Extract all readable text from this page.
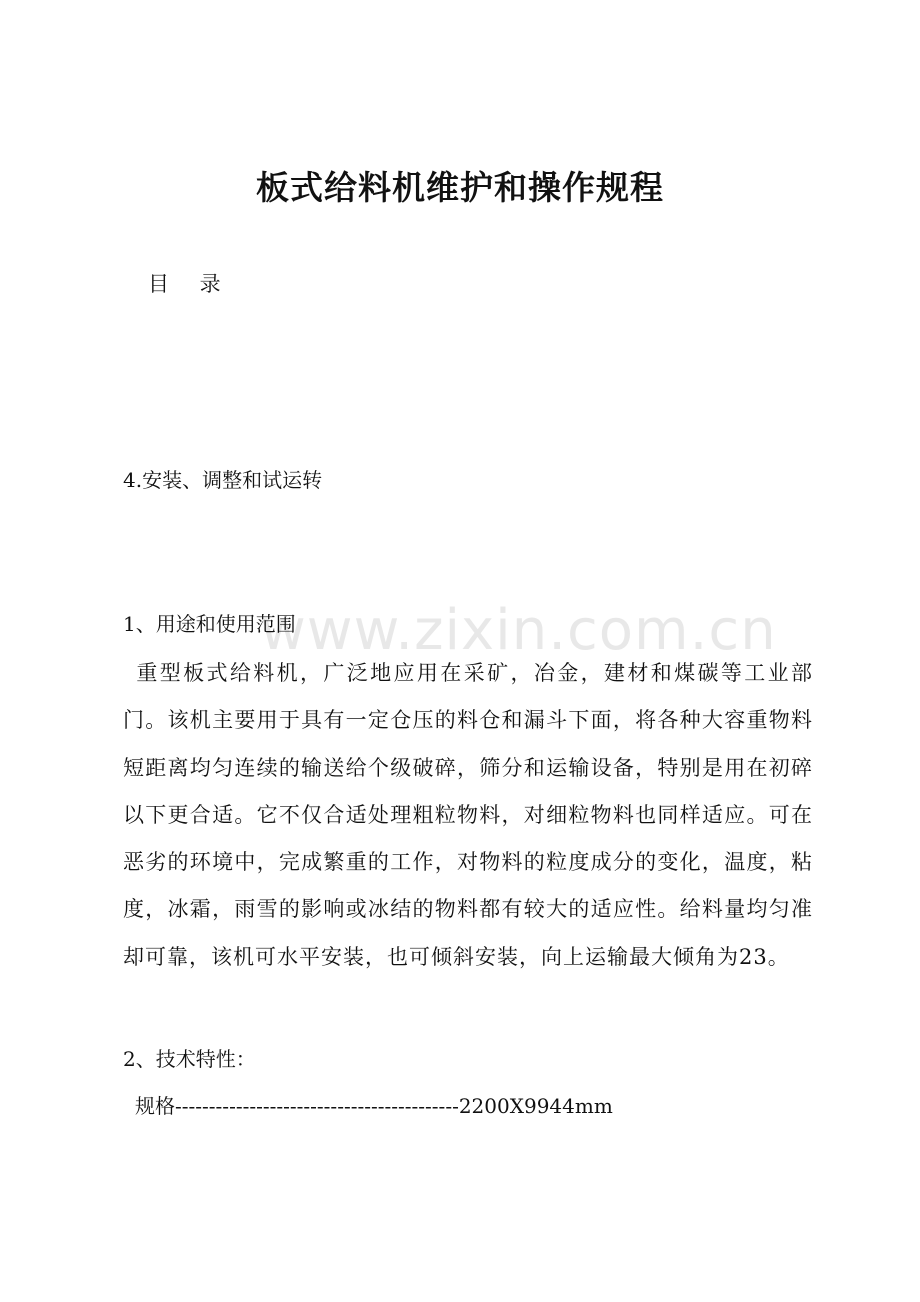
www.zixin.com.cn
板式给料机维护和操作规程
目 录
4.安装、调整和试运转
1、用途和使用范围
重型板式给料机，广泛地应用在采矿，冶金，建材和煤碳等工业部门。该机主要用于具有一定仓压的料仓和漏斗下面，将各种大容重物料短距离均匀连续的输送给个级破碎，筛分和运输设备，特别是用在初碎以下更合适。它不仅合适处理粗粒物料，对细粒物料也同样适应。可在恶劣的环境中，完成繁重的工作，对物料的粒度成分的变化，温度，粘度，冰霜，雨雪的影响或冰结的物料都有较大的适应性。给料量均匀准却可靠，该机可水平安装，也可倾斜安装，向上运输最大倾角为23。
2、技术特性：
规格------------------------------------------2200X9944mm
